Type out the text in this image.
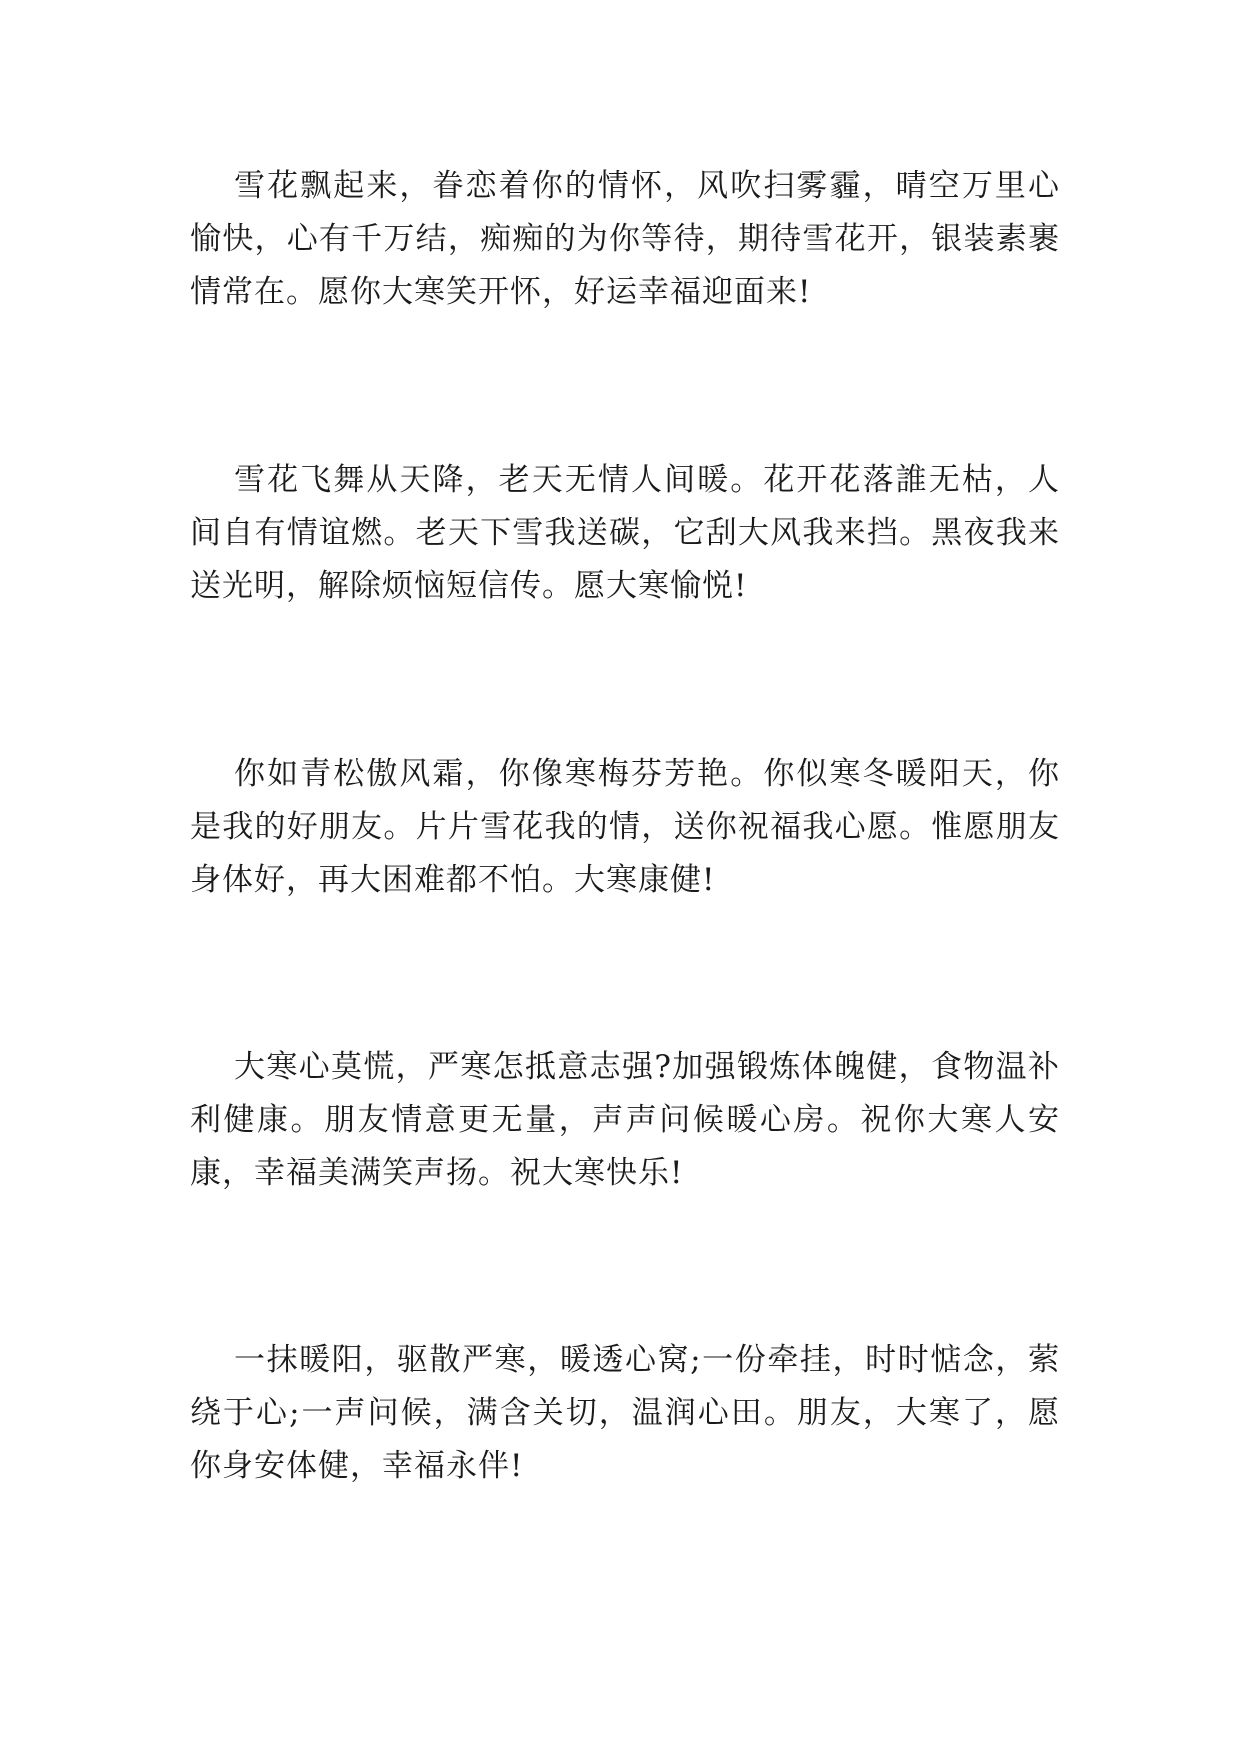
雪花飘起来，眷恋着你的情怀，风吹扫雾霾，晴空万里心愉快，心有千万结，痴痴的为你等待，期待雪花开，银装素裹情常在。愿你大寒笑开怀，好运幸福迎面来!

雪花飞舞从天降，老天无情人间暖。花开花落誰无枯，人间自有情谊燃。老天下雪我送碳，它刮大风我来挡。黑夜我来送光明，解除烦恼短信传。愿大寒愉悦!

你如青松傲风霜，你像寒梅芬芳艳。你似寒冬暖阳天，你是我的好朋友。片片雪花我的情，送你祝福我心愿。惟愿朋友身体好，再大困难都不怕。大寒康健!

大寒心莫慌，严寒怎抵意志强?加强锻炼体魄健，食物温补利健康。朋友情意更无量，声声问候暖心房。祝你大寒人安康，幸福美满笑声扬。祝大寒快乐!

一抹暖阳，驱散严寒，暖透心窝;一份牵挂，时时惦念，萦绕于心;一声问候，满含关切，温润心田。朋友，大寒了，愿你身安体健，幸福永伴!
